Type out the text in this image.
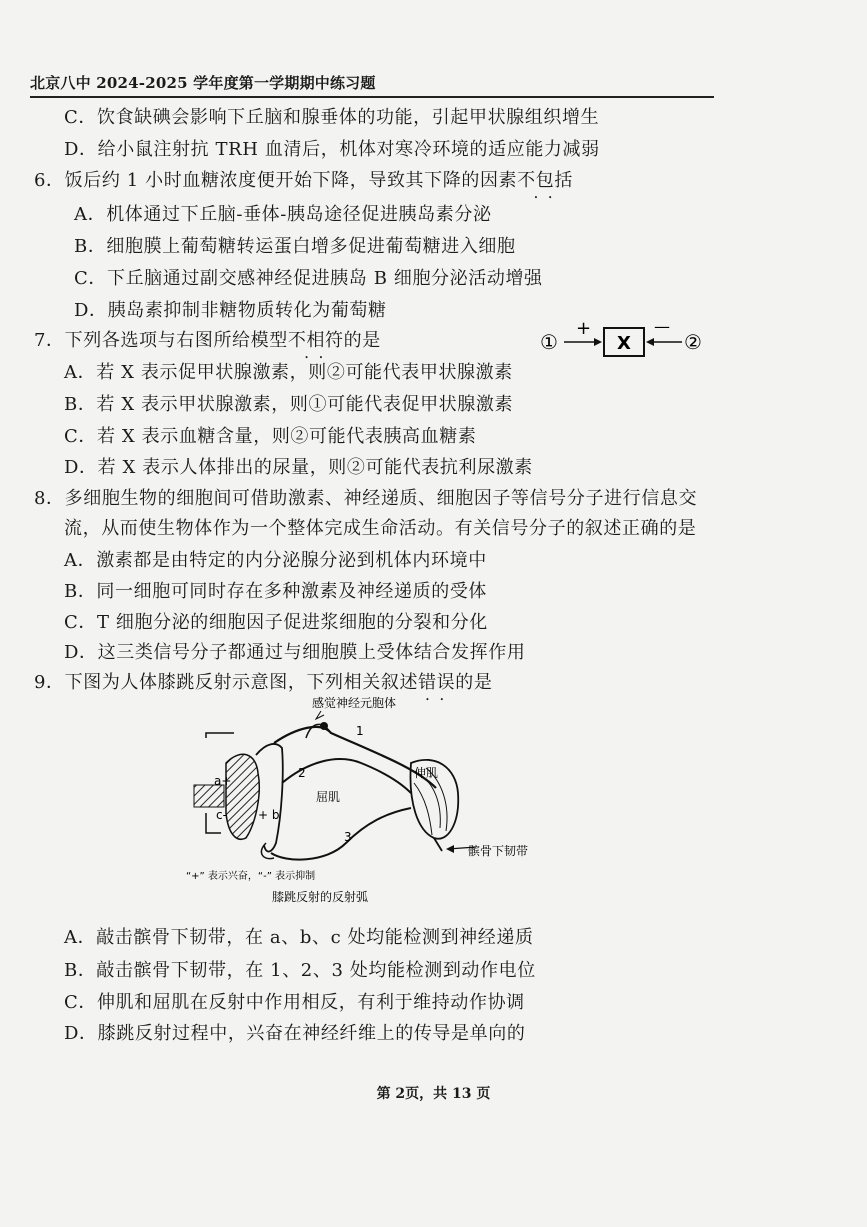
北京八中 2024-2025 学年度第一学期期中练习题
C．饮食缺碘会影响下丘脑和腺垂体的功能，引起甲状腺组织增生
D．给小鼠注射抗 TRH 血清后，机体对寒冷环境的适应能力减弱
6．饭后约 1 小时血糖浓度便开始下降，导致其下降的因素不包括 • •
A．机体通过下丘脑-垂体-胰岛途径促进胰岛素分泌
B．细胞膜上葡萄糖转运蛋白增多促进葡萄糖进入细胞
C．下丘脑通过副交感神经促进胰岛 B 细胞分泌活动增强
D．胰岛素抑制非糖物质转化为葡萄糖
7．下列各选项与右图所给模型不相符 • •的是	①
+
X
—
②
A．若 X 表示促甲状腺激素，则②可能代表甲状腺激素
B．若 X 表示甲状腺激素，则①可能代表促甲状腺激素
C．若 X 表示血糖含量，则②可能代表胰高血糖素
D．若 X 表示人体排出的尿量，则②可能代表抗利尿激素
8．多细胞生物的细胞间可借助激素、神经递质、细胞因子等信号分子进行信息交
流，从而使生物体作为一个整体完成生命活动。有关信号分子的叙述正确的是
A．激素都是由特定的内分泌腺分泌到机体内环境中
B．同一细胞可同时存在多种激素及神经递质的受体
C．T 细胞分泌的细胞因子促进浆细胞的分裂和分化
D．这三类信号分子都通过与细胞膜上受体结合发挥作用
9．下图为人体膝跳反射示意图，下列相关叙述错误 • •的是
感觉神经元胞体
1
2
3
伸肌
屈肌
髌骨下韧带
a+
+ b
c-
“+” 表示兴奋，“-” 表示抑制
膝跳反射的反射弧
A．敲击髌骨下韧带，在 a、b、c 处均能检测到神经递质
B．敲击髌骨下韧带，在 1、2、3 处均能检测到动作电位
C．伸肌和屈肌在反射中作用相反，有利于维持动作协调
D．膝跳反射过程中，兴奋在神经纤维上的传导是单向的
第 2页，共 13 页
